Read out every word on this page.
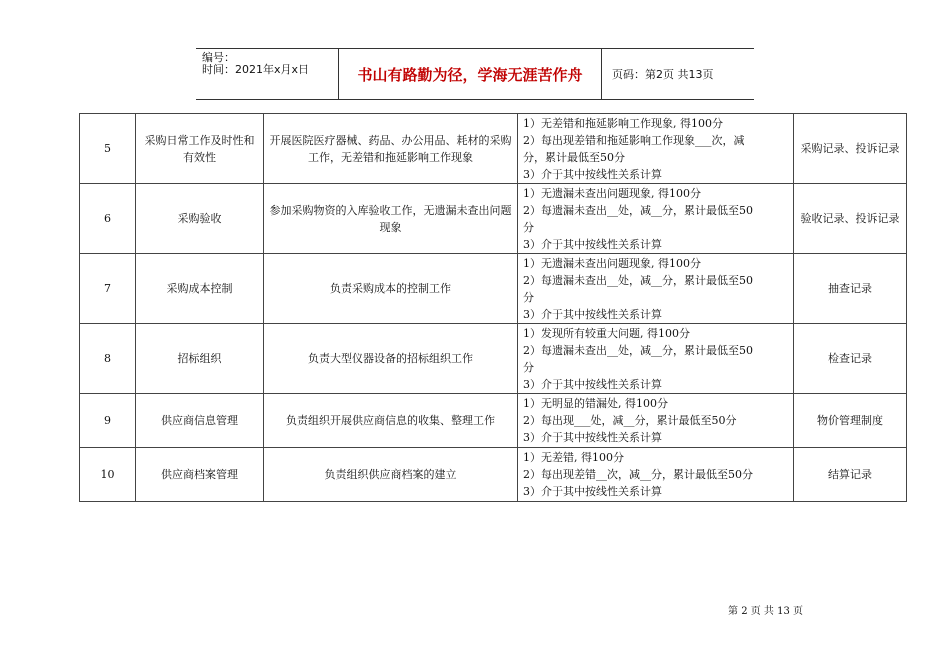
编号：
时间：2021年x月x日	书山有路勤为径，学海无涯苦作舟	页码：第2页 共13页
5	采购日常工作及时性和有效性	开展医院医疗器械、药品、办公用品、耗材的采购工作，无差错和拖延影响工作现象	1）无差错和拖延影响工作现象, 得100分
2）每出现差错和拖延影响工作现象___次，减
分，累计最低至50分
3）介于其中按线性关系计算	采购记录、投诉记录
6	采购验收	参加采购物资的入库验收工作，无遗漏未查出问题现象	1）无遗漏未查出问题现象, 得100分
2）每遗漏未查出__处，减__分，累计最低至50
分
3）介于其中按线性关系计算	验收记录、投诉记录
7	采购成本控制	负责采购成本的控制工作	1）无遗漏未查出问题现象, 得100分
2）每遗漏未查出__处，减__分，累计最低至50
分
3）介于其中按线性关系计算	抽查记录
8	招标组织	负责大型仪器设备的招标组织工作	1）发现所有较重大问题, 得100分
2）每遗漏未查出__处，减__分，累计最低至50
分
3）介于其中按线性关系计算	检查记录
9	供应商信息管理	负责组织开展供应商信息的收集、整理工作	1）无明显的错漏处, 得100分
2）每出现___处，减__分，累计最低至50分
3）介于其中按线性关系计算	物价管理制度
10	供应商档案管理	负责组织供应商档案的建立	1）无差错, 得100分
2）每出现差错__次，减__分，累计最低至50分
3）介于其中按线性关系计算	结算记录
第 2 页 共 13 页
